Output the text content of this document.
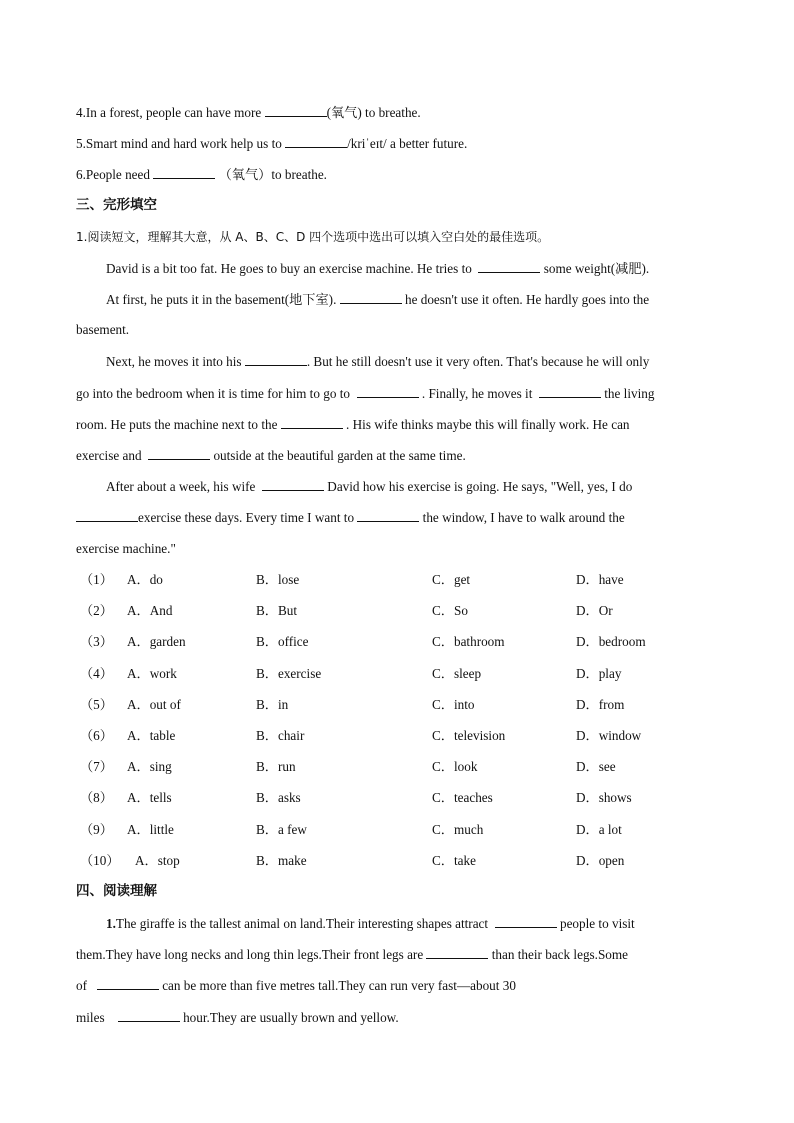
4.In a forest, people can have more	(氧气) to breathe.
5.Smart mind and hard work help us to	/kriˈeɪt/ a better future.
6.People need	（氧气）to breathe.
三、完形填空
1.阅读短文，理解其大意，从 A、B、C、D 四个选项中选出可以填入空白处的最佳选项。
David is a bit too fat. He goes to buy an exercise machine. He tries to	some weight(减肥).
At first, he puts it in the basement(地下室).	he doesn't use it often. He hardly goes into the
basement.
Next, he moves it into his	. But he still doesn't use it very often. That's because he will only
go into the bedroom when it is time for him to go to	. Finally, he moves it	the living
room. He puts the machine next to the	. His wife thinks maybe this will finally work. He can
exercise and	outside at the beautiful garden at the same time.
After about a week, his wife	David how his exercise is going. He says, "Well, yes, I do
exercise these days. Every time I want to	the window, I have to walk around the
exercise machine."
（1） A．do	B．lose	C．get	D．have
（2） A．And	B．But	C．So	D．Or
（3） A．garden	B．office	C．bathroom	D．bedroom
（4） A．work	B．exercise	C．sleep	D．play
（5） A．out of	B．in	C．into	D．from
（6） A．table	B．chair	C．television	D．window
（7） A．sing	B．run	C．look	D．see
（8） A．tells	B．asks	C．teaches	D．shows
（9） A．little	B．a few	C．much	D．a lot
（10） A．stop	B．make	C．take	D．open
四、阅读理解
1.The giraffe is the tallest animal on land.Their interesting shapes attract	people to visit
them.They have long necks and long thin legs.Their front legs are	than their back legs.Some
of	can be more than five metres tall.They can run very fast—about 30
miles	hour.They are usually brown and yellow.
